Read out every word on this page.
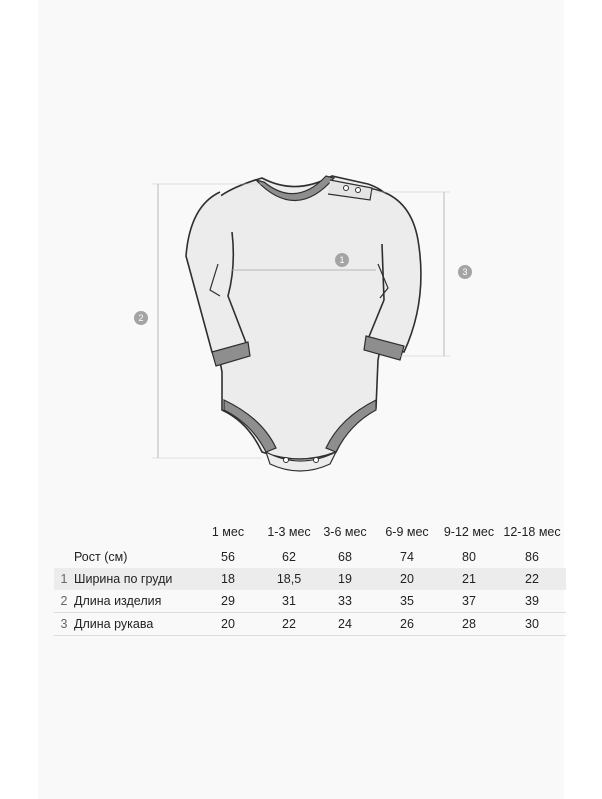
1
2
3
		1 мес	1-3 мес	3-6 мес	6-9 мес	9-12 мес	12-18 мес
	Рост (см)	56	62	68	74	80	86
1	Ширина по груди	18	18,5	19	20	21	22
2	Длина изделия	29	31	33	35	37	39
3	Длина рукава	20	22	24	26	28	30
